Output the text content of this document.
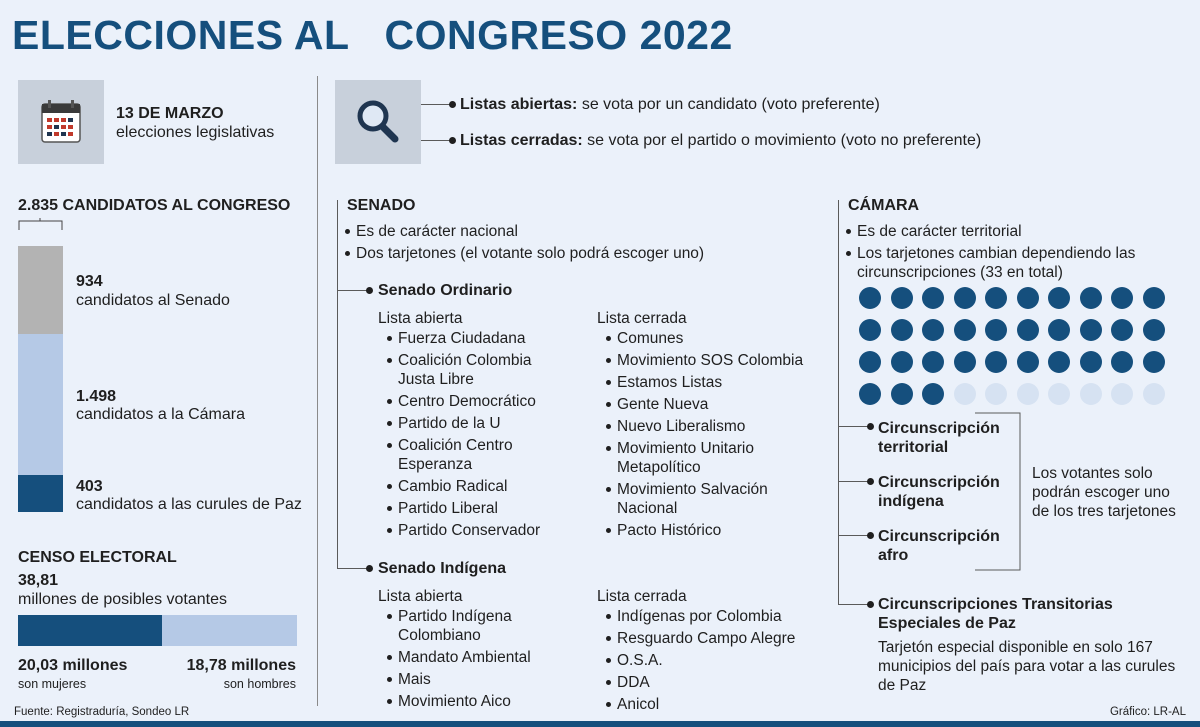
ELECCIONES AL   CONGRESO 2022
13 DE MARZO
elecciones legislativas
2.835 CANDIDATOS AL CONGRESO
934
candidatos al Senado
1.498
candidatos a la Cámara
403
candidatos a las curules de Paz
CENSO ELECTORAL
38,81
millones de posibles votantes
20,03 millones
son mujeres
18,78 millones
son hombres
Fuente: Registraduría, Sondeo LR	Gráfico: LR-AL
Listas abiertas: se vota por un candidato (voto preferente)
Listas cerradas: se vota por el partido o movimiento (voto no preferente)
SENADO
Es de carácter nacional
Dos tarjetones (el votante solo podrá escoger uno)
Senado Ordinario
Lista abierta
Fuerza Ciudadana
Coalición Colombia Justa Libre
Centro Democrático
Partido de la U
Coalición Centro Esperanza
Cambio Radical
Partido Liberal
Partido Conservador
Lista cerrada
Comunes
Movimiento SOS Colombia
Estamos Listas
Gente Nueva
Nuevo Liberalismo
Movimiento Unitario Metapolítico
Movimiento Salvación Nacional
Pacto Histórico
Senado Indígena
Lista abierta
Partido Indígena Colombiano
Mandato Ambiental
Mais
Movimiento Aico
Lista cerrada
Indígenas por Colombia
Resguardo Campo Alegre
O.S.A.
DDA
Anicol
CÁMARA
Es de carácter territorial
Los tarjetones cambian dependiendo las circunscripciones (33 en total)

Circunscripción
territorial
Circunscripción
indígena
Circunscripción
afro
Los votantes solo podrán escoger uno de los tres tarjetones
Circunscripciones Transitorias Especiales de Paz
Tarjetón especial disponible en solo 167 municipios del país para votar a las curules de Paz
